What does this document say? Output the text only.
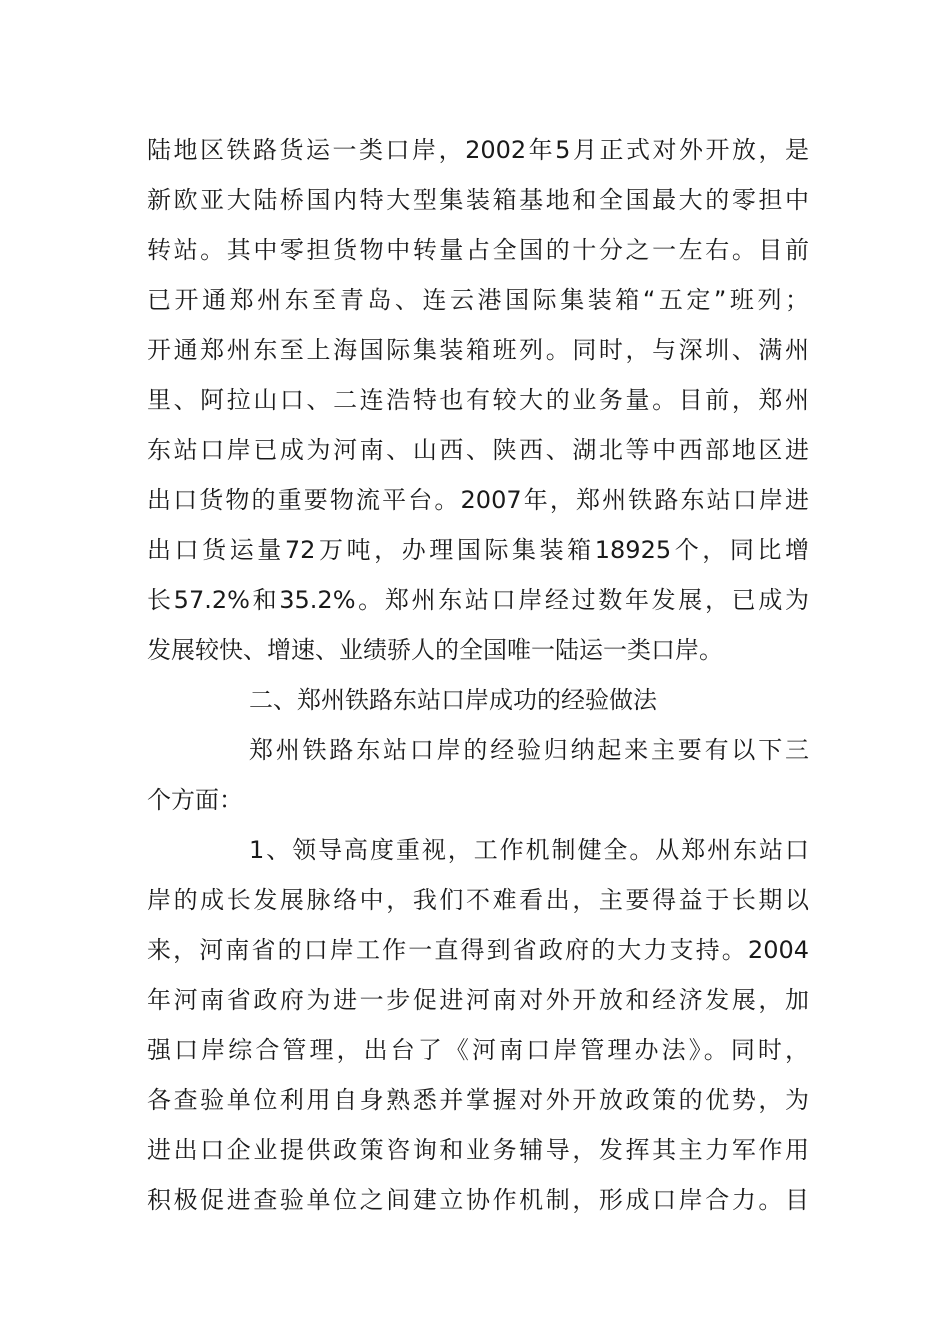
陆地区铁路货运一类口岸，2002年5月正式对外开放，是
新欧亚大陆桥国内特大型集装箱基地和全国最大的零担中
转站。其中零担货物中转量占全国的十分之一左右。目前
已开通郑州东至青岛、连云港国际集装箱“五定”班列；
开通郑州东至上海国际集装箱班列。同时，与深圳、满州
里、阿拉山口、二连浩特也有较大的业务量。目前，郑州
东站口岸已成为河南、山西、陕西、湖北等中西部地区进
出口货物的重要物流平台。2007年，郑州铁路东站口岸进
出口货运量72万吨，办理国际集装箱18925个，同比增
长57.2%和35.2%。郑州东站口岸经过数年发展，已成为
发展较快、增速、业绩骄人的全国唯一陆运一类口岸。
二、郑州铁路东站口岸成功的经验做法
郑州铁路东站口岸的经验归纳起来主要有以下三
个方面：
1、领导高度重视，工作机制健全。从郑州东站口
岸的成长发展脉络中，我们不难看出，主要得益于长期以
来，河南省的口岸工作一直得到省政府的大力支持。2004
年河南省政府为进一步促进河南对外开放和经济发展，加
强口岸综合管理，出台了《河南口岸管理办法》。同时，
各查验单位利用自身熟悉并掌握对外开放政策的优势，为
进出口企业提供政策咨询和业务辅导，发挥其主力军作用
积极促进查验单位之间建立协作机制，形成口岸合力。目
